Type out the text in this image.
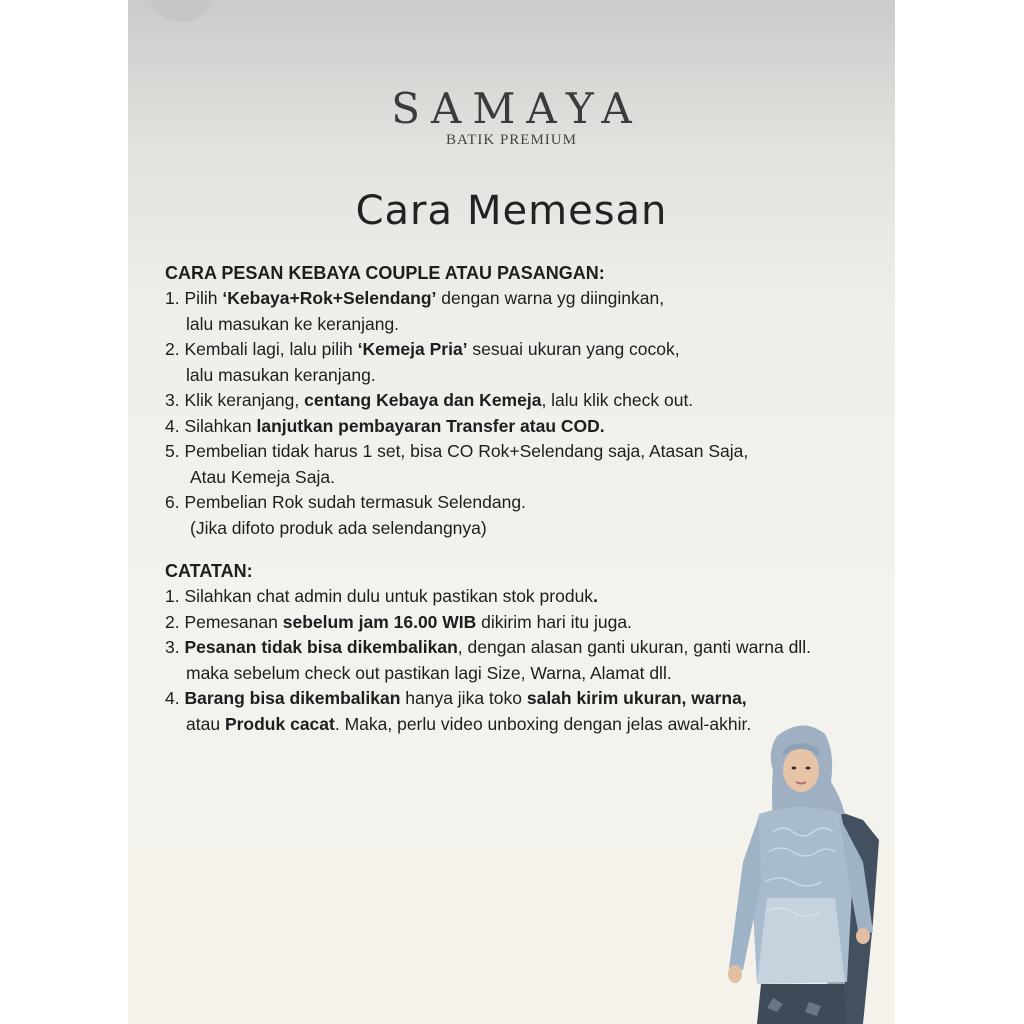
SAMAYA
BATIK PREMIUM
Cara Memesan
CARA PESAN KEBAYA COUPLE ATAU PASANGAN:
1. Pilih ‘Kebaya+Rok+Selendang’ dengan warna yg diinginkan,
lalu masukan ke keranjang.
2. Kembali lagi, lalu pilih ‘Kemeja Pria’ sesuai ukuran yang cocok,
lalu masukan keranjang.
3. Klik keranjang, centang Kebaya dan Kemeja, lalu klik check out.
4. Silahkan lanjutkan pembayaran Transfer atau COD.
5. Pembelian tidak harus 1 set, bisa CO Rok+Selendang saja, Atasan Saja,
Atau Kemeja Saja.
6. Pembelian Rok sudah termasuk Selendang.
(Jika difoto produk ada selendangnya)
CATATAN:
1. Silahkan chat admin dulu untuk pastikan stok produk.
2. Pemesanan sebelum jam 16.00 WIB dikirim hari itu juga.
3. Pesanan tidak bisa dikembalikan, dengan alasan ganti ukuran, ganti warna dll.
maka sebelum check out pastikan lagi Size, Warna, Alamat dll.
4. Barang bisa dikembalikan hanya jika toko salah kirim ukuran, warna,
atau Produk cacat. Maka, perlu video unboxing dengan jelas awal-akhir.
